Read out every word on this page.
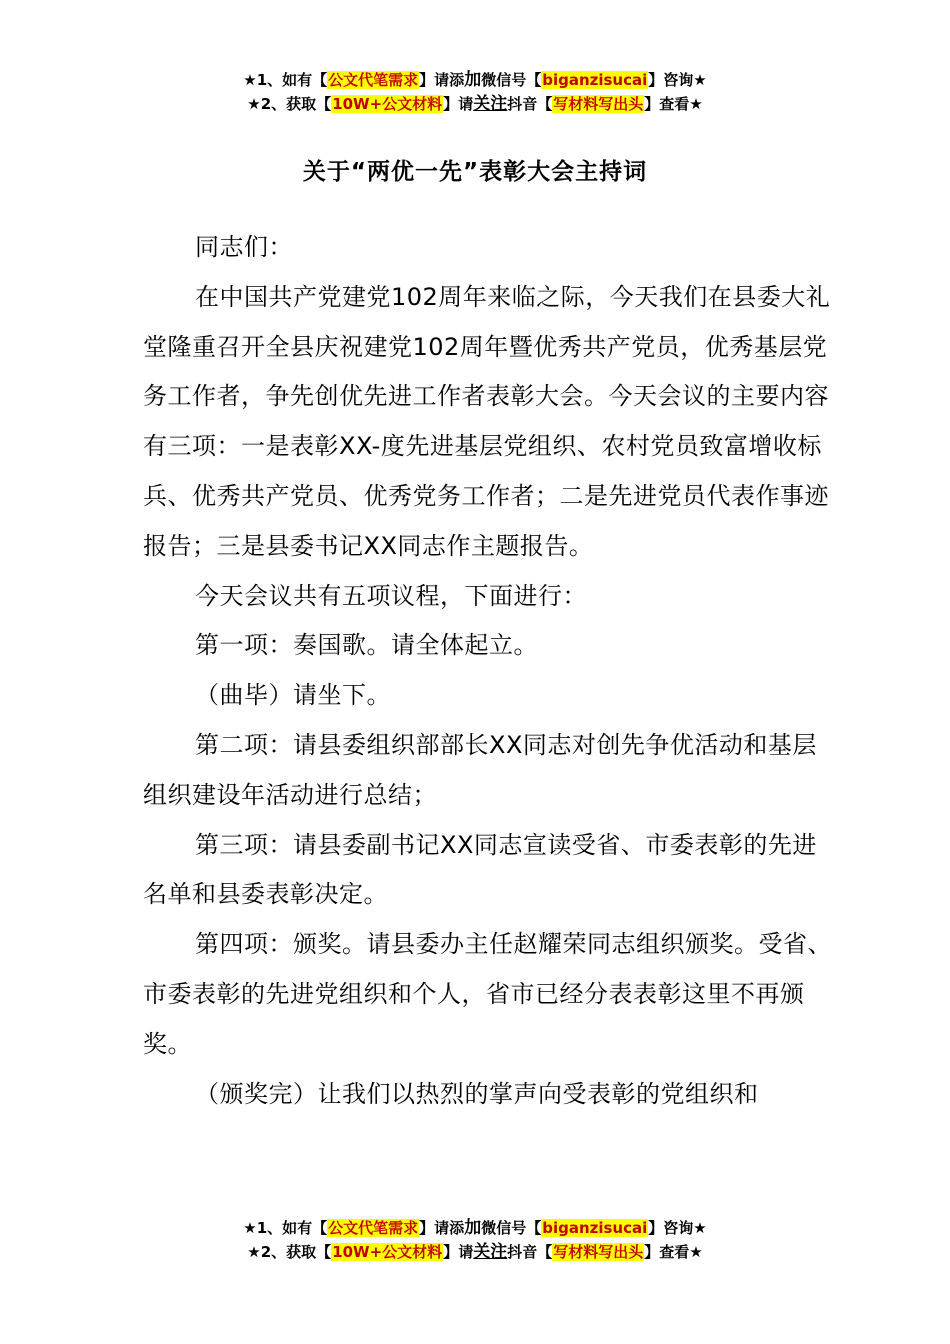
★1、如有【公文代笔需求】请添加微信号【biganzisucai】咨询★
★2、获取【10W+公文材料】请关注抖音【写材料写出头】查看★
关于“两优一先”表彰大会主持词

同志们：

在中国共产党建党102周年来临之际，今天我们在县委大礼堂隆重召开全县庆祝建党102周年暨优秀共产党员，优秀基层党务工作者，争先创优先进工作者表彰大会。今天会议的主要内容有三项：一是表彰XX-度先进基层党组织、农村党员致富增收标兵、优秀共产党员、优秀党务工作者；二是先进党员代表作事迹报告；三是县委书记XX同志作主题报告。

今天会议共有五项议程，下面进行：

第一项：奏国歌。请全体起立。

（曲毕）请坐下。

第二项：请县委组织部部长XX同志对创先争优活动和基层组织建设年活动进行总结；

第三项：请县委副书记XX同志宣读受省、市委表彰的先进名单和县委表彰决定。

第四项：颁奖。请县委办主任赵耀荣同志组织颁奖。受省、市委表彰的先进党组织和个人，省市已经分表表彰这里不再颁奖。

（颁奖完）让我们以热烈的掌声向受表彰的党组织和

★1、如有【公文代笔需求】请添加微信号【biganzisucai】咨询★
★2、获取【10W+公文材料】请关注抖音【写材料写出头】查看★
